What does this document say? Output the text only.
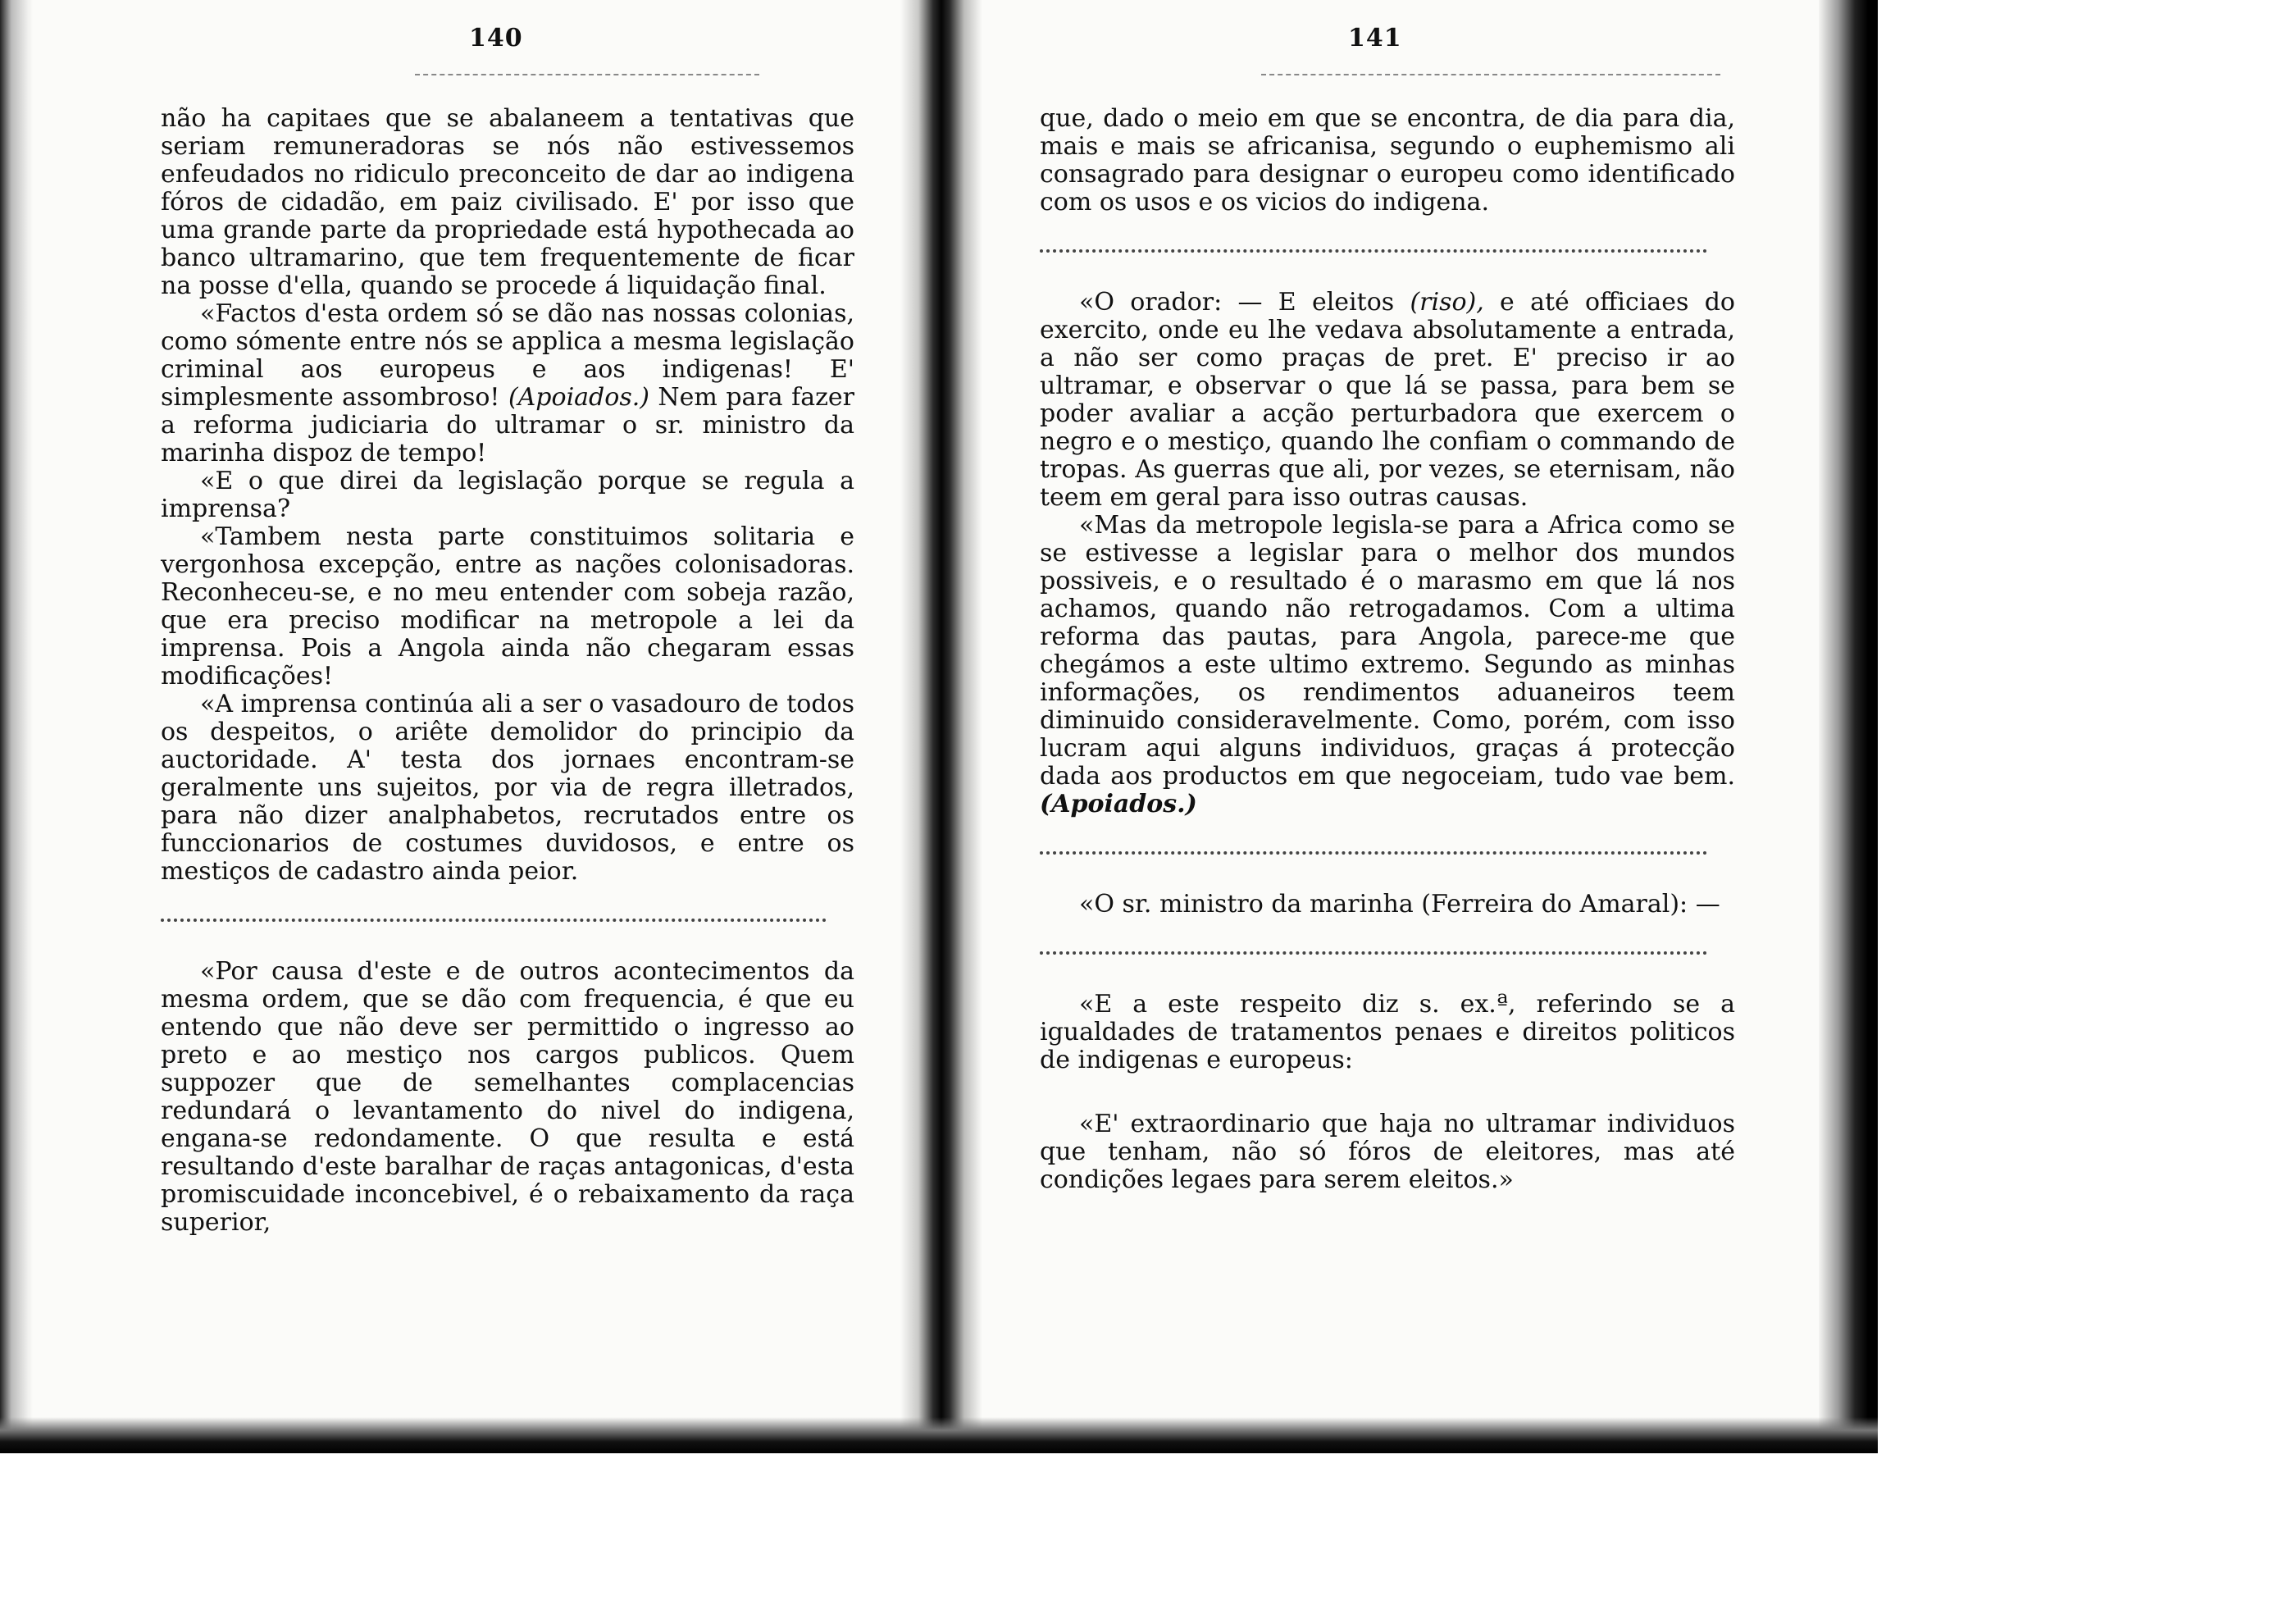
140

não ha capitaes que se abalaneem a tentativas que seriam remuneradoras se nós não estivessemos enfeudados no ridiculo preconceito de dar ao indigena fóros de cidadão, em paiz civilisado. E' por isso que uma grande parte da propriedade está hypothecada ao banco ultramarino, que tem frequentemente de ficar na posse d'ella, quando se procede á liquidação final.

«Factos d'esta ordem só se dão nas nossas colonias, como sómente entre nós se applica a mesma legislação criminal aos europeus e aos indigenas! E' simplesmente assombroso! (Apoiados.) Nem para fazer a reforma judiciaria do ultramar o sr. ministro da marinha dispoz de tempo!

«E o que direi da legislação porque se regula a imprensa?

«Tambem nesta parte constituimos solitaria e vergonhosa excepção, entre as nações colonisadoras. Reconheceu-se, e no meu entender com sobeja razão, que era preciso modificar na metropole a lei da imprensa. Pois a Angola ainda não chegaram essas modificações!

«A imprensa continúa ali a ser o vasadouro de todos os despeitos, o ariête demolidor do principio da auctoridade. A' testa dos jornaes encontram-se geralmente uns sujeitos, por via de regra illetrados, para não dizer analphabetos, recrutados entre os funccionarios de costumes duvidosos, e entre os mestiços de cadastro ainda peior.

«Por causa d'este e de outros acontecimentos da mesma ordem, que se dão com frequencia, é que eu entendo que não deve ser permittido o ingresso ao preto e ao mestiço nos cargos publicos. Quem suppozer que de semelhantes complacencias redundará o levantamento do nivel do indigena, engana-se redondamente. O que resulta e está resultando d'este baralhar de raças antagonicas, d'esta promiscuidade inconcebivel, é o rebaixamento da raça superior,

141

que, dado o meio em que se encontra, de dia para dia, mais e mais se africanisa, segundo o euphemismo ali consagrado para designar o europeu como identificado com os usos e os vicios do indigena.

«O orador: — E eleitos (riso), e até officiaes do exercito, onde eu lhe vedava absolutamente a entrada, a não ser como praças de pret. E' preciso ir ao ultramar, e observar o que lá se passa, para bem se poder avaliar a acção perturbadora que exercem o negro e o mestiço, quando lhe confiam o commando de tropas. As guerras que ali, por vezes, se eternisam, não teem em geral para isso outras causas.

«Mas da metropole legisla-se para a Africa como se se estivesse a legislar para o melhor dos mundos possiveis, e o resultado é o marasmo em que lá nos achamos, quando não retrogadamos. Com a ultima reforma das pautas, para Angola, parece-me que chegámos a este ultimo extremo. Segundo as minhas informações, os rendimentos aduaneiros teem diminuido consideravelmente. Como, porém, com isso lucram aqui alguns individuos, graças á protecção dada aos productos em que negoceiam, tudo vae bem. (Apoiados.)

«O sr. ministro da marinha (Ferreira do Amaral): —

«E a este respeito diz s. ex.ª, referindo se a igualdades de tratamentos penaes e direitos politicos de indigenas e europeus:

«E' extraordinario que haja no ultramar individuos que tenham, não só fóros de eleitores, mas até condições legaes para serem eleitos.»
